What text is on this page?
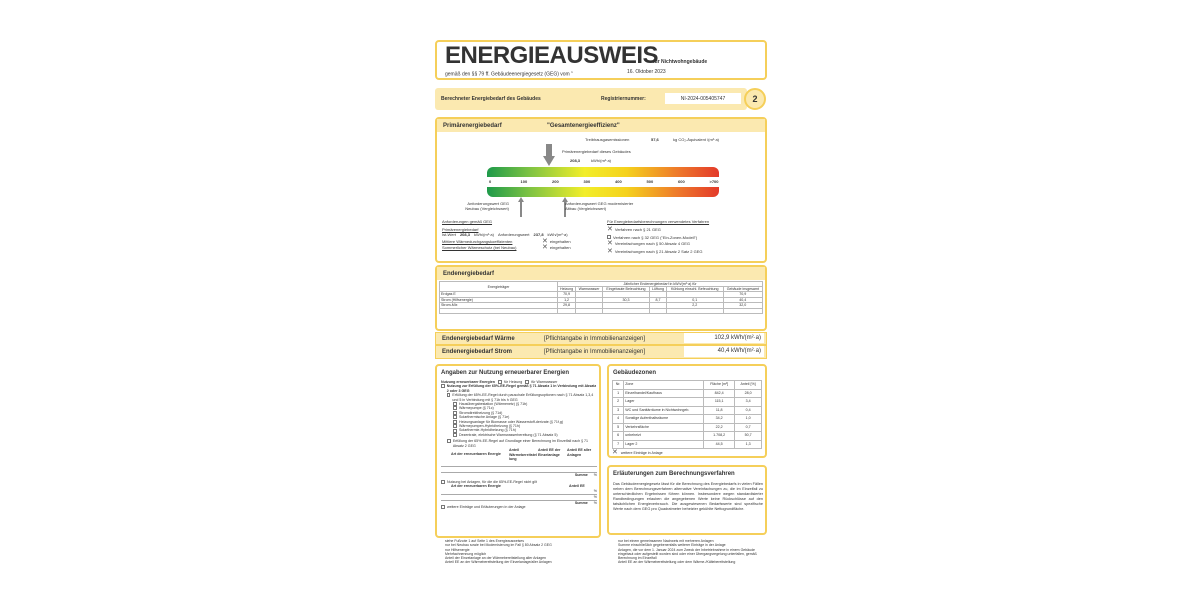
ENERGIEAUSWEIS
für Nichtwohngebäude
gemäß den §§ 79 ff. Gebäudeenergiegesetz (GEG) vom $^1$	16. Oktober 2023
Berechneter Energiebedarf des Gebäudes	Registriernummer:	NI-2024-005405747	2
Primärenergiebedarf	"Gesamtenergieeffizienz"
Treibhausgasemissionen	57,6	kg CO₂-Äquivalent /(m²·a)
Primärenergiebedarf dieses Gebäudes
208,3	kWh/(m²·a)
0	100	200	300	400	500	600	>700
Anforderungswert GEG Neubau (Vergleichswert)
Anforderungswert GEG modernisierter Altbau (Vergleichswert)
Anforderungen gemäß GEG
Primärenergiebedarf
Ist-Wert 208,3 kWh/(m²·a) Anforderungswert 237,8 kWh/(m²·a)
Mittlere Wärmedurchgangskoeffizienten	✕ eingehalten
Sommerlicher Wärmeschutz (bei Neubau)	✕ eingehalten
Für Energiebedarfsberechnungen verwendetes Verfahren
✕ Verfahren nach § 21 GEG
Verfahren nach § 32 GEG ("Ein-Zonen-Modell")
✕ Vereinfachungen nach § 50 Absatz 4 GEG
✕ Vereinfachungen nach § 21 Absatz 2 Satz 2 GEG
Endenergiebedarf
Energieträger	Jährlicher Endenergiebedarf in kWh/(m²·a) für					
	Heizung	Warmwasser	Eingebaute Beleuchtung	Lüftung	Kühlung einschl. Befeuchtung	Gebäude insgesamt
Erdgas E	70,9					70,9
Strom (Hilfsenergie)	1,2		30,3	8,7	0,1	40,4
Strom-Mix	29,8				2,2	32,0

Endenergiebedarf Wärme	[Pflichtangabe in Immobilienanzeigen]	102,9 kWh/(m²·a)
Endenergiebedarf Strom	[Pflichtangabe in Immobilienanzeigen]	40,4 kWh/(m²·a)
Angaben zur Nutzung erneuerbarer Energien
Nutzung erneuerbarer Energien	für Heizung	für Warmwasser
Nutzung zur Erfüllung der 65%-EE-Regel gemäß § 71 Absatz 1 in Verbindung mit Absatz 2 oder 3 GEG
Erfüllung der 65%-EE-Regel durch pauschale Erfüllungsoptionen nach § 71 Absatz 1,3,4 und 5 in Verbindung mit § 71b bis h GEG
Hausübergabestation (Wärmenetz) (§ 71b)
Wärmepumpe (§ 71c)
Stromdirektheizung (§ 71d)
Solarthermische Anlage (§ 71e)
Heizungsanlage für Biomasse oder Wasserstoff-derivate (§ 71f,g)
Wärmepumpen-Hybridheizung (§ 71h)
Solarthermie-Hybridheizung (§ 71h)
Dezentrale, elektrische Warmwasserbereitung (§ 71 Absatz 5)
Erfüllung der 65%-EE-Regel auf Grundlage einer Berechnung im Einzelfall nach § 71 Absatz 2 GEG
Art der erneuerbaren Energie
Anteil Wärmebereitstellung
Anteil EE der Einzelanlage
Anteil EE aller Anlagen
Summe %
Nutzung bei Anlagen, für die die 65%-EE-Regel nicht gilt
Art der erneuerbaren Energie	Anteil EE
%
%
Summe %
weitere Einträge und Erläuterungen in der Anlage
Gebäudezonen
Nr.	Zone	Fläche [m²]	Anteil [%]
1	Einzelhandel/Kaufhaus	842,4	28,0
2	Lager	115,1	3,4
3	WC und Sanitärräume in Nichtwohngeb.	11,8	0,4
4	Sonstige Aufenthaltsräume	34,2	1,0
5	Verkehrsfläche	22,2	0,7
6	unbeheizt	1.708,2	50,7
7	Lager 2	44,5	1,3
✕ weitere Einträge in Anlage
Erläuterungen zum Berechnungsverfahren
Das Gebäudeenergiegesetz lässt für die Berechnung des Energiebedarfs in vielen Fällen neben dem Berechnungsverfahren alternative Vereinfachungen zu, die im Einzelfall zu unterschiedlichen Ergebnissen führen können. Insbesondere wegen standardisierter Randbedingungen erlauben die angegebenen Werte keine Rückschlüsse auf den tatsächlichen Energieverbrauch. Die ausgewiesenen Bedarfswerte sind spezifische Werte nach dem GEG pro Quadratmeter beheizter gekühlte Nettogrundfläche.
siehe Fußnote 1 auf Seite 1 des Energieausweises
nur bei Neubau sowie bei Modernisierung im Fall § 80 Absatz 2 GEG
nur Hilfsenergie
Mehrfachnennung möglich
Anteil der Einzelanlage an der Wärmebereitstellung aller Anlagen
Anteil EE an der Wärmebereitstellung der Einzelanlage/aller Anlagen
nur bei einem gemeinsamen Nachweis mit mehreren Anlagen
Summe einschließlich gegebenenfalls weiterer Einträge in der Anlage
Anlagen, die vor dem 1. Januar 2024 zum Zweck der Inbetriebnahme in einem Gebäude eingebaut oder aufgestellt worden sind oder einer Übergangsregelung unterfallen, gemäß Berechnung im Einzelfall
Anteil EE an der Wärmebereitstellung oder dem Wärme-/Kältebereitstellung
